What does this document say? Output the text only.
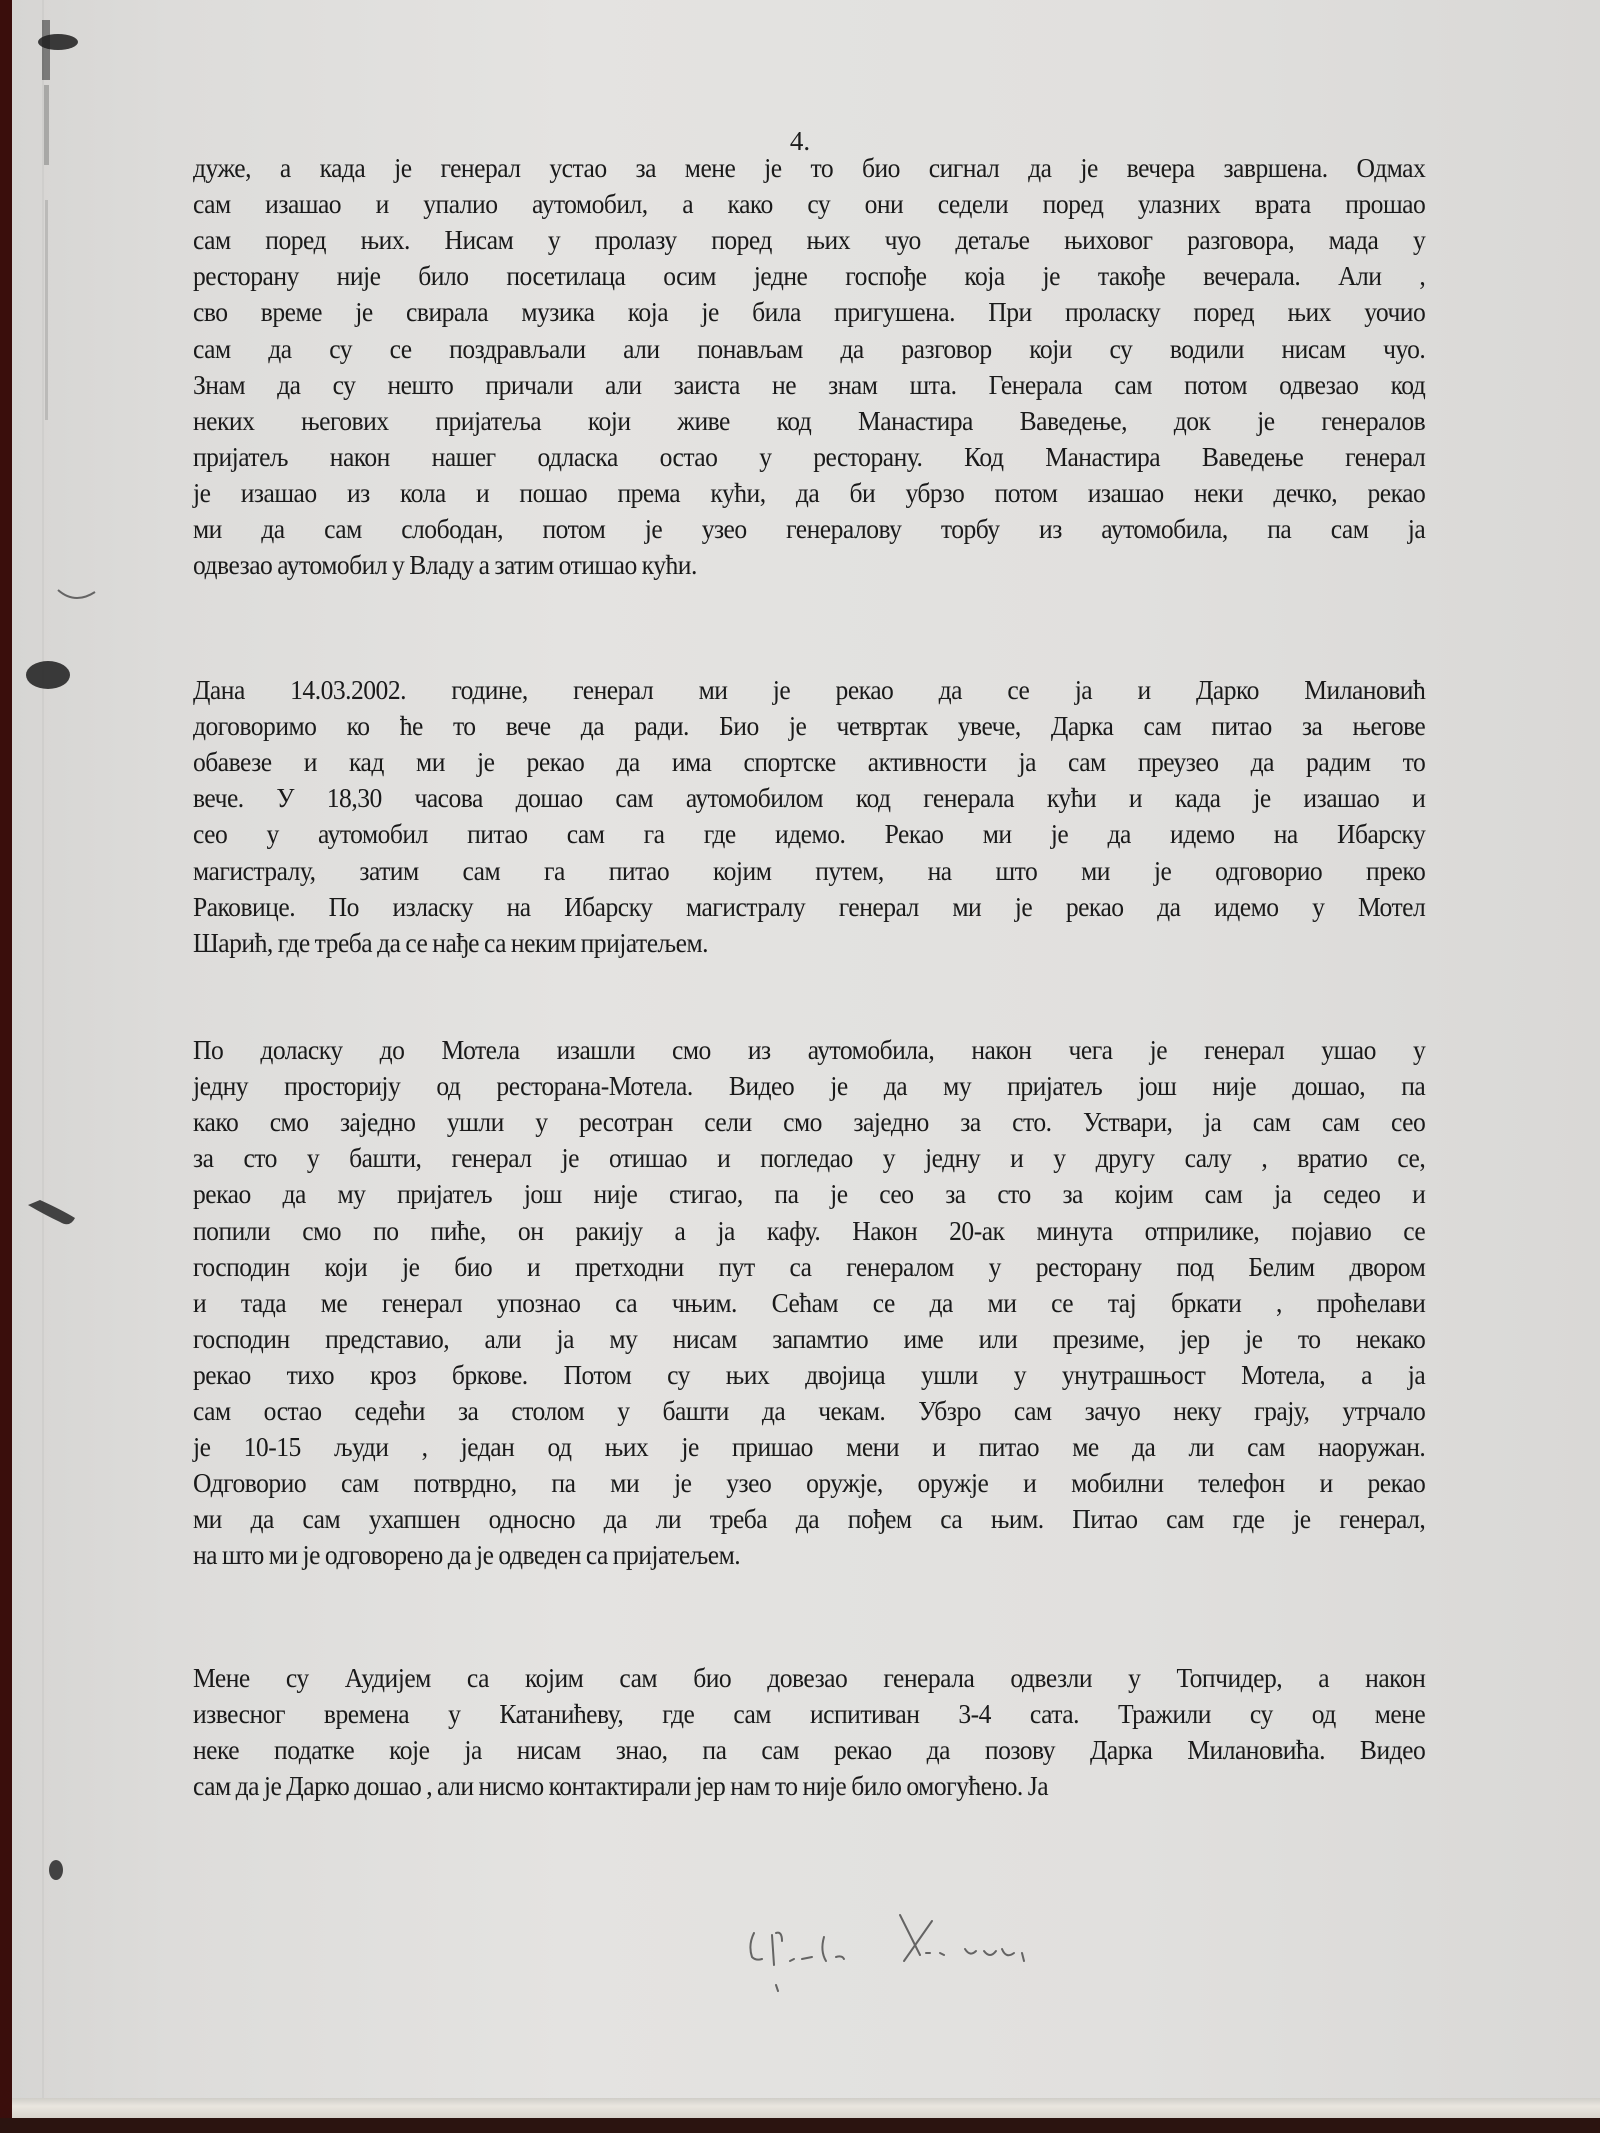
4.
дуже, а када је генерал устао за мене је то био сигнал да је вечера завршена. Одмах
сам изашао и упалио аутомобил, а како су они седели поред улазних врата прошао
сам поред њих. Нисам у пролазу поред њих чуо детаље њиховог разговора, мада у
ресторану није било посетилаца осим једне госпође која је такође вечерала. Али ,
сво време је свирала музика која је била пригушена. При проласку поред њих уочио
сам да су се поздрављали али понављам да разговор који су водили нисам чуо.
Знам да су нешто причали али заиста не знам шта. Генерала сам потом одвезао код
неких његових пријатеља који живе код Манастира Ваведење, док је генералов
пријатељ након нашег одласка остао у ресторану. Код Манастира Ваведење генерал
је изашао из кола и пошао према кући, да би убрзо потом изашао неки дечко, рекао
ми да сам слободан, потом је узео генералову торбу из аутомобила, па сам ја
одвезао аутомобил у Владу а затим отишао кући.
Дана 14.03.2002. године, генерал ми је рекао да се ја и Дарко Милановић
договоримо ко ће то вече да ради. Био је четвртак увече, Дарка сам питао за његове
обавезе и кад ми је рекао да има спортске активности ја сам преузео да радим то
вече. У 18,30 часова дошао сам аутомобилом код генерала кући и када је изашао и
сео у аутомобил питао сам га где идемо. Рекао ми је да идемо на Ибарску
магистралу, затим сам га питао којим путем, на што ми је одговорио преко
Раковице. По изласку на Ибарску магистралу генерал ми је рекао да идемо у Мотел
Шарић, где треба да се нађе са неким пријатељем.
По доласку до Мотела изашли смо из аутомобила, након чега је генерал ушао у
једну просторију од ресторана-Мотела. Видео је да му пријатељ још није дошао, па
како смо заједно ушли у ресотран сели смо заједно за сто. Уствари, ја сам сам сео
за сто у башти, генерал је отишао и погледао у једну и у другу салу , вратио се,
рекао да му пријатељ још није стигао, па је сео за сто за којим сам ја седео и
попили смо по пиће, он ракију а ја кафу. Након 20-ак минута отприлике, појавио се
господин који је био и претходни пут са генералом у ресторану под Белим двором
и тада ме генерал упознао са чњим. Сећам се да ми се тај бркати , проћелави
господин представио, али ја му нисам запамтио име или презиме, јер је то некако
рекао тихо кроз бркове. Потом су њих двојица ушли у унутрашњост Мотела, а ја
сам остао седећи за столом у башти да чекам. Убзро сам зачуо неку грају, утрчало
је 10-15 људи , један од њих је пришао мени и питао ме да ли сам наоружан.
Одговорио сам потврдно, па ми је узео оружје, оружје и мобилни телефон и рекао
ми да сам ухапшен односно да ли треба да пођем са њим. Питао сам где је генерал,
на што ми је одговорено да је одведен са пријатељем.
Мене су Аудијем са којим сам био довезао генерала одвезли у Топчидер, а након
извесног времена у Катанићеву, где сам испитиван 3-4 сата. Тражили су од мене
неке податке које ја нисам знао, па сам рекао да позову Дарка Милановића. Видео
сам да је Дарко дошао , али нисмо контактирали јер нам то није било омогућено. Ја
